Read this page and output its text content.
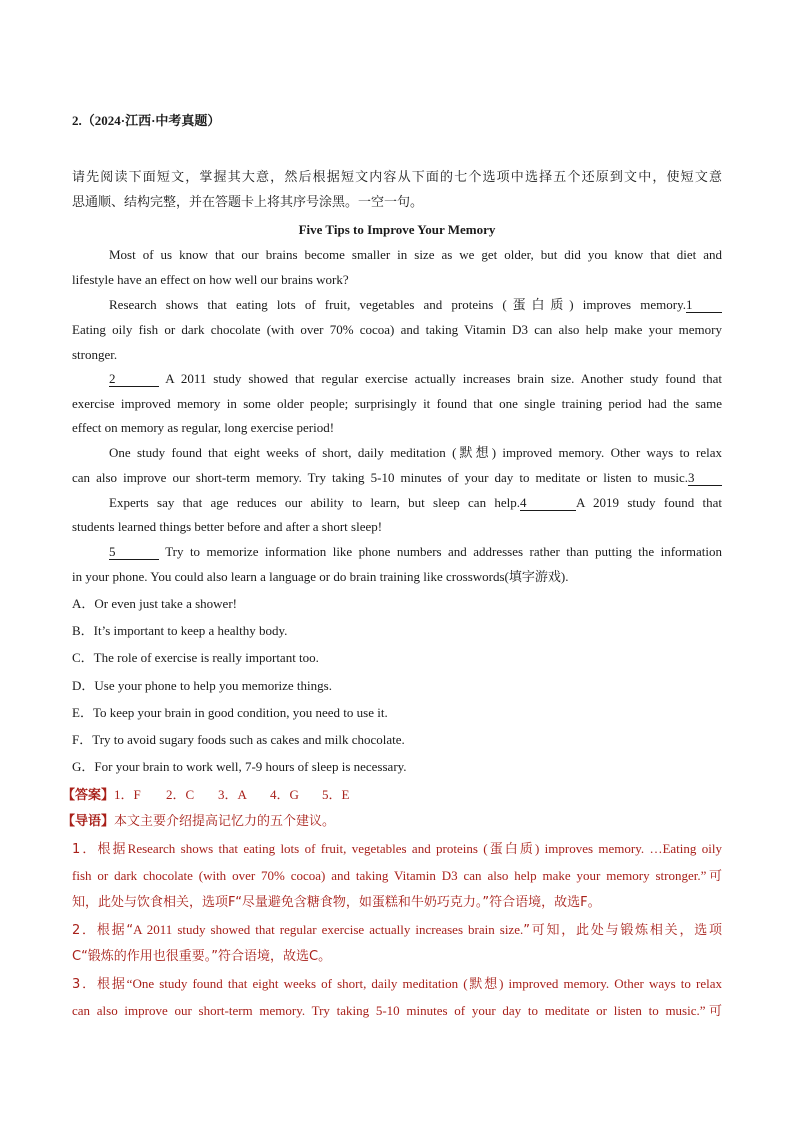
2.（2024·江西·中考真题）
请先阅读下面短文，掌握其大意，然后根据短文内容从下面的七个选项中选择五个还原到文中，使短文意
思通顺、结构完整，并在答题卡上将其序号涂黑。一空一句。
Five Tips to Improve Your Memory
Most of us know that our brains become smaller in size as we get older, but did you know that diet and
lifestyle have an effect on how well our brains work?
Research shows that eating lots of fruit, vegetables and proteins (蛋白质) improves memory.1
Eating oily fish or dark chocolate (with over 70% cocoa) and taking Vitamin D3 can also help make your memory
stronger.
2	A 2011 study showed that regular exercise actually increases brain size. Another study found that
exercise improved memory in some older people; surprisingly it found that one single training period had the same
effect on memory as regular, long exercise period!
One study found that eight weeks of short, daily meditation (默想) improved memory. Other ways to relax
can also improve our short-term memory. Try taking 5-10 minutes of your day to meditate or listen to music.3
Experts say that age reduces our ability to learn, but sleep can help.4	A 2019 study found that
students learned things better before and after a short sleep!
5	Try to memorize information like phone numbers and addresses rather than putting the information
in your phone. You could also learn a language or do brain training like crosswords(填字游戏).
A．Or even just take a shower!
B．It’s important to keep a healthy body.
C．The role of exercise is really important too.
D．Use your phone to help you memorize things.
E．To keep your brain in good condition, you need to use it.
F．Try to avoid sugary foods such as cakes and milk chocolate.
G．For your brain to work well, 7-9 hours of sleep is necessary.
【答案】1．F 2．C 3．A 4．G 5．E
【导语】本文主要介绍提高记忆力的五个建议。
1．根据Research shows that eating lots of fruit, vegetables and proteins (蛋白质) improves memory. …Eating oily
fish or dark chocolate (with over 70% cocoa) and taking Vitamin D3 can also help make your memory stronger.”可
知，此处与饮食相关，选项F“尽量避免含糖食物，如蛋糕和牛奶巧克力。”符合语境，故选F。
2．根据“A 2011 study showed that regular exercise actually increases brain size.”可知，此处与锻炼相关，选项
C“锻炼的作用也很重要。”符合语境，故选C。
3．根据“One study found that eight weeks of short, daily meditation (默想) improved memory. Other ways to relax
can also improve our short-term memory. Try taking 5-10 minutes of your day to meditate or listen to music.”可
